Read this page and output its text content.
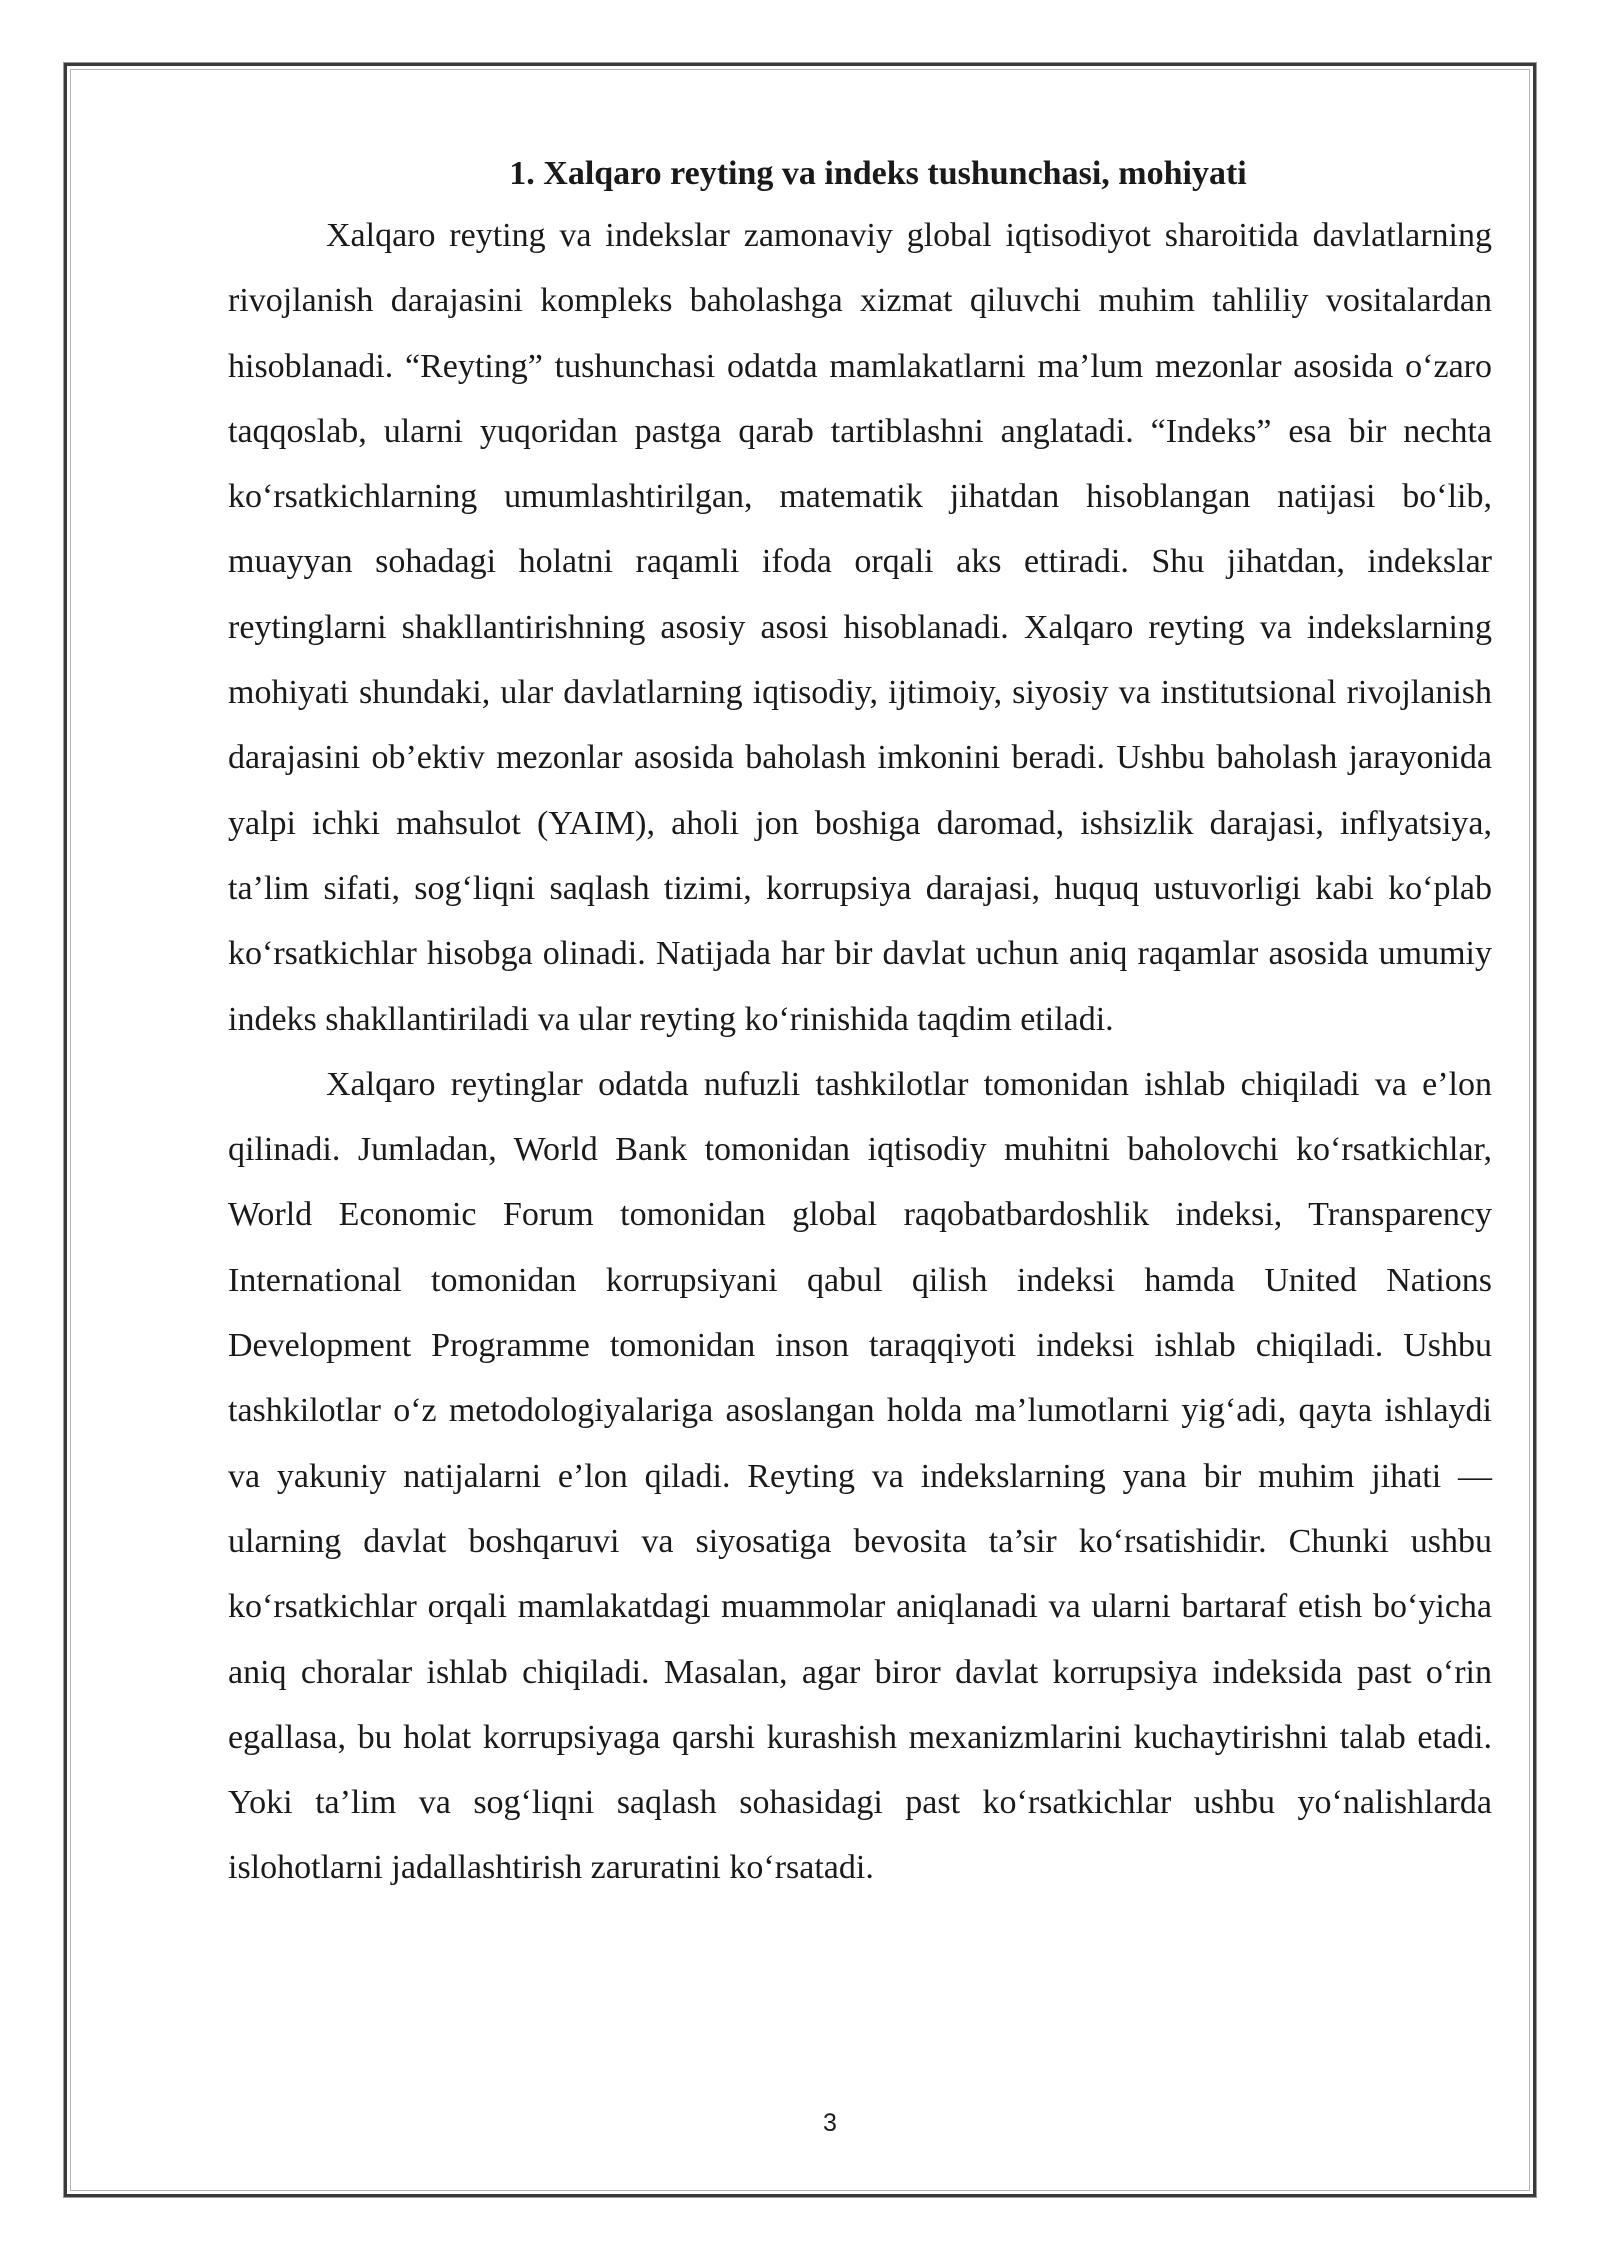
1. Xalqaro reyting va indeks tushunchasi, mohiyati

Xalqaro reyting va indekslar zamonaviy global iqtisodiyot sharoitida davlatlarning rivojlanish darajasini kompleks baholashga xizmat qiluvchi muhim tahliliy vositalardan hisoblanadi. “Reyting” tushunchasi odatda mamlakatlarni ma’lum mezonlar asosida o‘zaro taqqoslab, ularni yuqoridan pastga qarab tartiblashni anglatadi. “Indeks” esa bir nechta ko‘rsatkichlarning umumlashtirilgan, matematik jihatdan hisoblangan natijasi bo‘lib, muayyan sohadagi holatni raqamli ifoda orqali aks ettiradi. Shu jihatdan, indekslar reytinglarni shakllantirishning asosiy asosi hisoblanadi. Xalqaro reyting va indekslarning mohiyati shundaki, ular davlatlarning iqtisodiy, ijtimoiy, siyosiy va institutsional rivojlanish darajasini ob’ektiv mezonlar asosida baholash imkonini beradi. Ushbu baholash jarayonida yalpi ichki mahsulot (YAIM), aholi jon boshiga daromad, ishsizlik darajasi, inflyatsiya, ta’lim sifati, sog‘liqni saqlash tizimi, korrupsiya darajasi, huquq ustuvorligi kabi ko‘plab ko‘rsatkichlar hisobga olinadi. Natijada har bir davlat uchun aniq raqamlar asosida umumiy indeks shakllantiriladi va ular reyting ko‘rinishida taqdim etiladi.

Xalqaro reytinglar odatda nufuzli tashkilotlar tomonidan ishlab chiqiladi va e’lon qilinadi. Jumladan, World Bank tomonidan iqtisodiy muhitni baholovchi ko‘rsatkichlar, World Economic Forum tomonidan global raqobatbardoshlik indeksi, Transparency International tomonidan korrupsiyani qabul qilish indeksi hamda United Nations Development Programme tomonidan inson taraqqiyoti indeksi ishlab chiqiladi. Ushbu tashkilotlar o‘z metodologiyalariga asoslangan holda ma’lumotlarni yig‘adi, qayta ishlaydi va yakuniy natijalarni e’lon qiladi. Reyting va indekslarning yana bir muhim jihati — ularning davlat boshqaruvi va siyosatiga bevosita ta’sir ko‘rsatishidir. Chunki ushbu ko‘rsatkichlar orqali mamlakatdagi muammolar aniqlanadi va ularni bartaraf etish bo‘yicha aniq choralar ishlab chiqiladi. Masalan, agar biror davlat korrupsiya indeksida past o‘rin egallasa, bu holat korrupsiyaga qarshi kurashish mexanizmlarini kuchaytirishni talab etadi. Yoki ta’lim va sog‘liqni saqlash sohasidagi past ko‘rsatkichlar ushbu yo‘nalishlarda islohotlarni jadallashtirish zaruratini ko‘rsatadi.

3
